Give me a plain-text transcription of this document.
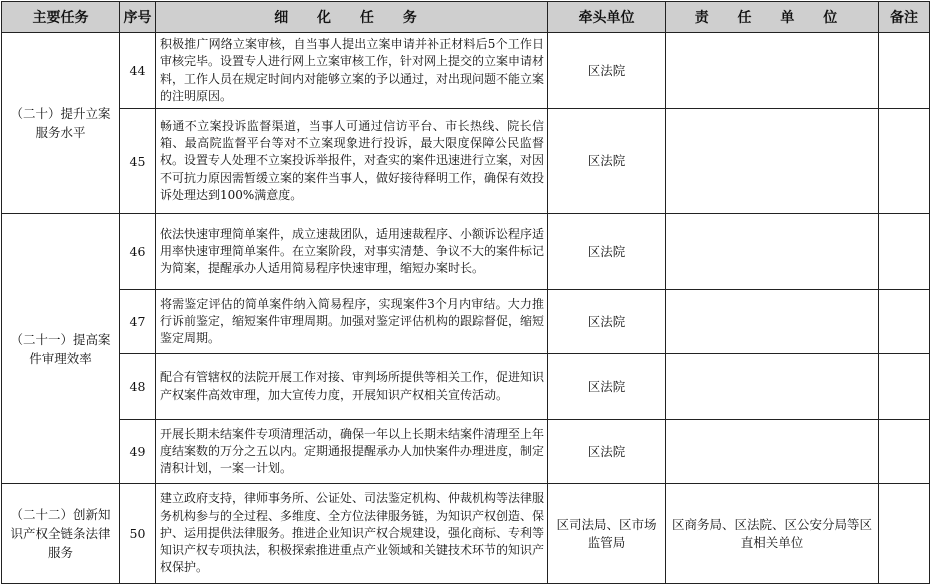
主要任务	序号	细 化 任 务	牵头单位	责 任 单 位	备注
（二十）提升立案服务水平	44	积极推广网络立案审核，自当事人提出立案申请并补正材料后5个工作日审核完毕。设置专人进行网上立案审核工作，针对网上提交的立案申请材料，工作人员在规定时间内对能够立案的予以通过，对出现问题不能立案的注明原因。	区法院		
	45	畅通不立案投诉监督渠道，当事人可通过信访平台、市长热线、院长信箱、最高院监督平台等对不立案现象进行投诉，最大限度保障公民监督权。设置专人处理不立案投诉举报件，对查实的案件迅速进行立案，对因不可抗力原因需暂缓立案的案件当事人，做好接待释明工作，确保有效投诉处理达到100%满意度。	区法院		
（二十一）提高案件审理效率	46	依法快速审理简单案件，成立速裁团队，适用速裁程序、小额诉讼程序适用率快速审理简单案件。在立案阶段，对事实清楚、争议不大的案件标记为简案，提醒承办人适用简易程序快速审理，缩短办案时长。	区法院		
	47	将需鉴定评估的简单案件纳入简易程序，实现案件3个月内审结。大力推行诉前鉴定，缩短案件审理周期。加强对鉴定评估机构的跟踪督促，缩短鉴定周期。	区法院		
	48	配合有管辖权的法院开展工作对接、审判场所提供等相关工作，促进知识产权案件高效审理，加大宣传力度，开展知识产权相关宣传活动。	区法院		
	49	开展长期未结案件专项清理活动，确保一年以上长期未结案件清理至上年度结案数的万分之五以内。定期通报提醒承办人加快案件办理进度，制定清积计划，一案一计划。	区法院		
（二十二）创新知识产权全链条法律服务	50	建立政府支持，律师事务所、公证处、司法鉴定机构、仲裁机构等法律服务机构参与的全过程、多维度、全方位法律服务链，为知识产权创造、保护、运用提供法律服务。推进企业知识产权合规建设，强化商标、专利等知识产权专项执法，积极探索推进重点产业领域和关键技术环节的知识产权保护。	区司法局、区市场监管局	区商务局、区法院、区公安分局等区直相关单位	
